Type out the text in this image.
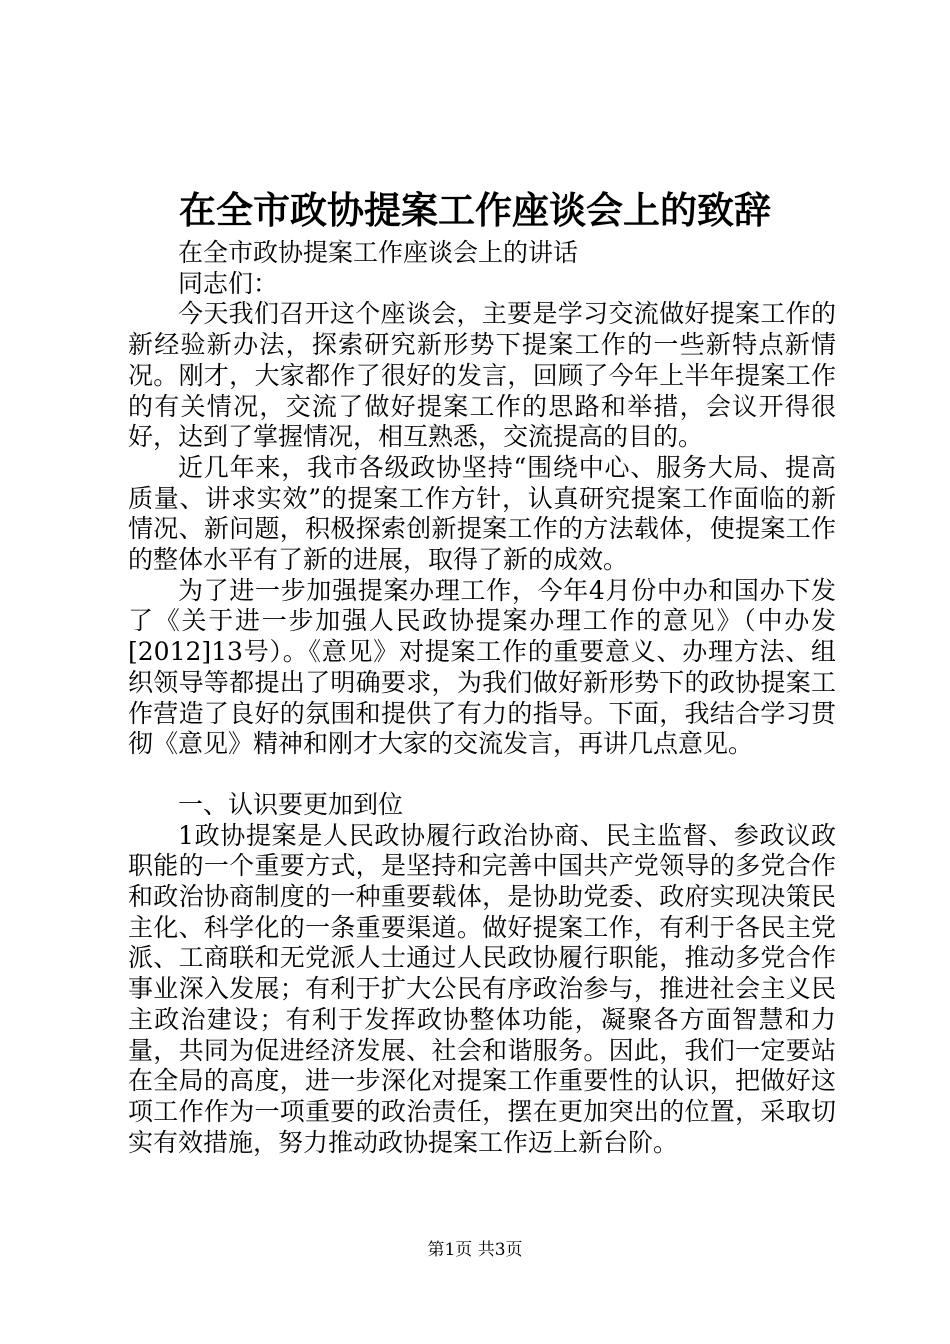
在全市政协提案工作座谈会上的致辞

在全市政协提案工作座谈会上的讲话

同志们：

今天我们召开这个座谈会，主要是学习交流做好提案工作的新经验新办法，探索研究新形势下提案工作的一些新特点新情况。刚才，大家都作了很好的发言，回顾了今年上半年提案工作的有关情况，交流了做好提案工作的思路和举措，会议开得很好，达到了掌握情况，相互熟悉，交流提高的目的。

近几年来，我市各级政协坚持“围绕中心、服务大局、提高质量、讲求实效”的提案工作方针，认真研究提案工作面临的新情况、新问题，积极探索创新提案工作的方法载体，使提案工作的整体水平有了新的进展，取得了新的成效。

为了进一步加强提案办理工作，今年4月份中办和国办下发了《关于进一步加强人民政协提案办理工作的意见》（中办发[2012]13号）。《意见》对提案工作的重要意义、办理方法、组织领导等都提出了明确要求，为我们做好新形势下的政协提案工作营造了良好的氛围和提供了有力的指导。下面，我结合学习贯彻《意见》精神和刚才大家的交流发言，再讲几点意见。

一、认识要更加到位

1政协提案是人民政协履行政治协商、民主监督、参政议政职能的一个重要方式，是坚持和完善中国共产党领导的多党合作和政治协商制度的一种重要载体，是协助党委、政府实现决策民主化、科学化的一条重要渠道。做好提案工作，有利于各民主党派、工商联和无党派人士通过人民政协履行职能，推动多党合作事业深入发展；有利于扩大公民有序政治参与，推进社会主义民主政治建设；有利于发挥政协整体功能，凝聚各方面智慧和力量，共同为促进经济发展、社会和谐服务。因此，我们一定要站在全局的高度，进一步深化对提案工作重要性的认识，把做好这项工作作为一项重要的政治责任，摆在更加突出的位置，采取切实有效措施，努力推动政协提案工作迈上新台阶。

第1页 共3页
